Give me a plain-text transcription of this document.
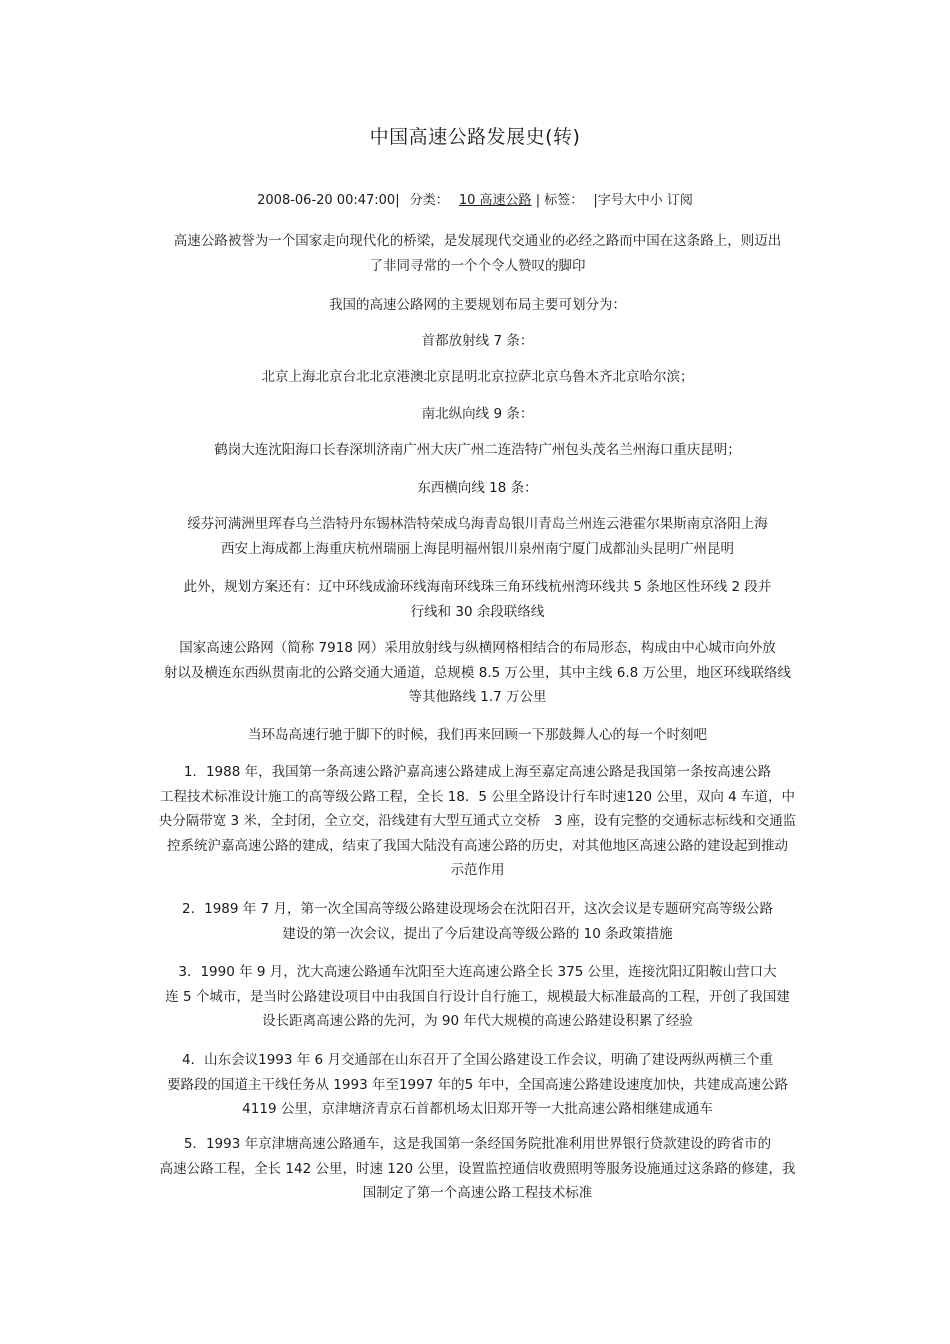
中国高速公路发展史(转)
2008-06-20 00:47:00| 分类： 10 高速公路 | 标签： |字号大中小 订阅
高速公路被誉为一个国家走向现代化的桥梁，是发展现代交通业的必经之路而中国在这条路上，则迈出
了非同寻常的一个个令人赞叹的脚印
我国的高速公路网的主要规划布局主要可划分为：
首都放射线 7 条：
北京上海北京台北北京港澳北京昆明北京拉萨北京乌鲁木齐北京哈尔滨；
南北纵向线 9 条：
鹤岗大连沈阳海口长春深圳济南广州大庆广州二连浩特广州包头茂名兰州海口重庆昆明；
东西横向线 18 条：
绥芬河满洲里珲春乌兰浩特丹东锡林浩特荣成乌海青岛银川青岛兰州连云港霍尔果斯南京洛阳上海
西安上海成都上海重庆杭州瑞丽上海昆明福州银川泉州南宁厦门成都汕头昆明广州昆明
此外，规划方案还有：辽中环线成渝环线海南环线珠三角环线杭州湾环线共 5 条地区性环线 2 段并
行线和 30 余段联络线
国家高速公路网（简称 7918 网）采用放射线与纵横网格相结合的布局形态，构成由中心城市向外放
射以及横连东西纵贯南北的公路交通大通道，总规模 8.5 万公里，其中主线 6.8 万公里，地区环线联络线
等其他路线 1.7 万公里
当环岛高速行驰于脚下的时候，我们再来回顾一下那鼓舞人心的每一个时刻吧
1．1988 年，我国第一条高速公路沪嘉高速公路建成上海至嘉定高速公路是我国第一条按高速公路
工程技术标准设计施工的高等级公路工程，全长 18．5 公里全路设计行车时速120 公里，双向 4 车道，中
央分隔带宽 3 米，全封闭，全立交，沿线建有大型互通式立交桥　3 座，设有完整的交通标志标线和交通监
控系统沪嘉高速公路的建成，结束了我国大陆没有高速公路的历史，对其他地区高速公路的建设起到推动
示范作用
2．1989 年 7 月，第一次全国高等级公路建设现场会在沈阳召开，这次会议是专题研究高等级公路
建设的第一次会议，提出了今后建设高等级公路的 10 条政策措施
3．1990 年 9 月，沈大高速公路通车沈阳至大连高速公路全长 375 公里，连接沈阳辽阳鞍山营口大
连 5 个城市，是当时公路建设项目中由我国自行设计自行施工，规模最大标准最高的工程，开创了我国建
设长距离高速公路的先河，为 90 年代大规模的高速公路建设积累了经验
4．山东会议1993 年 6 月交通部在山东召开了全国公路建设工作会议，明确了建设两纵两横三个重
要路段的国道主干线任务从 1993 年至1997 年的5 年中，全国高速公路建设速度加快，共建成高速公路
4119 公里，京津塘济青京石首都机场太旧郑开等一大批高速公路相继建成通车
5．1993 年京津塘高速公路通车，这是我国第一条经国务院批准利用世界银行贷款建设的跨省市的
高速公路工程，全长 142 公里，时速 120 公里，设置监控通信收费照明等服务设施通过这条路的修建，我
国制定了第一个高速公路工程技术标准
